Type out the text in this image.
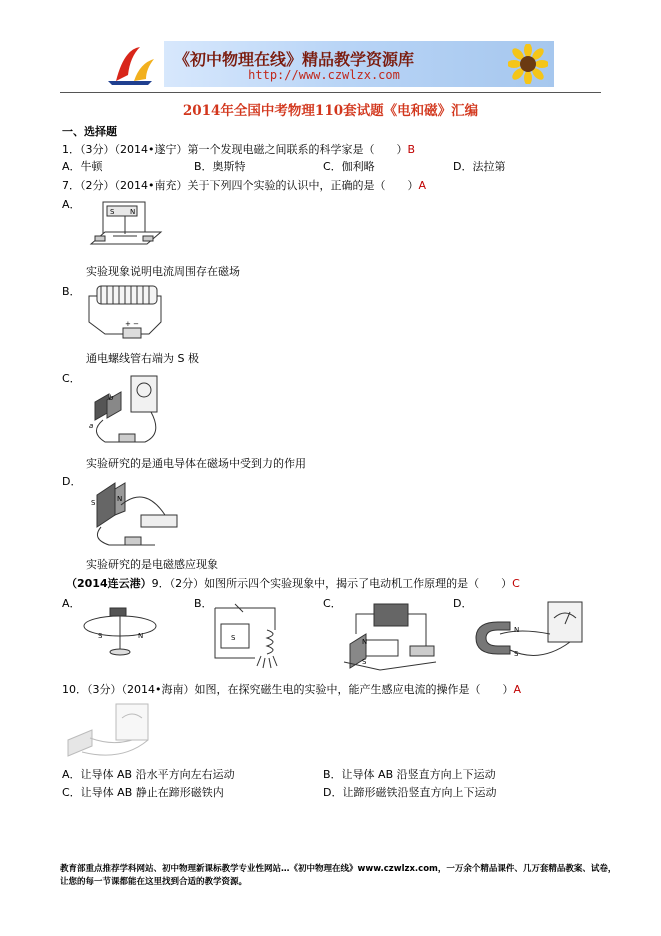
《初中物理在线》精品教学资源库
http://www.czwlzx.com
2014年全国中考物理110套试题《电和磁》汇编
一、选择题
1．（3分）（2014•遂宁）第一个发现电磁之间联系的科学家是（　　）B
A．牛顿	B．奥斯特	C．伽利略	D．法拉第
7．（2分）（2014•南充）关于下列四个实验的认识中，正确的是（　　）A
A．
S N
实验现象说明电流周围存在磁场
B．
+ −
通电螺线管右端为 S 极
C．
a
b
实验研究的是通电导体在磁场中受到力的作用
D．
N
S
实验研究的是电磁感应现象
（2014连云港）9．（2分）如图所示四个实验现象中，揭示了电动机工作原理的是（　　）C
A．	B．	C．	D．
S	N	S	N
S
N
S
10．（3分）（2014•海南）如图，在探究磁生电的实验中，能产生感应电流的操作是（　　）A
A．让导体 AB 沿水平方向左右运动	B．让导体 AB 沿竖直方向上下运动
C．让导体 AB 静止在蹄形磁铁内	D．让蹄形磁铁沿竖直方向上下运动
教育部重点推荐学科网站、初中物理新课标教学专业性网站…《初中物理在线》www.czwlzx.com，一万余个精品课件、几万套精品教案、试卷，让您的每一节课都能在这里找到合适的教学资源。
